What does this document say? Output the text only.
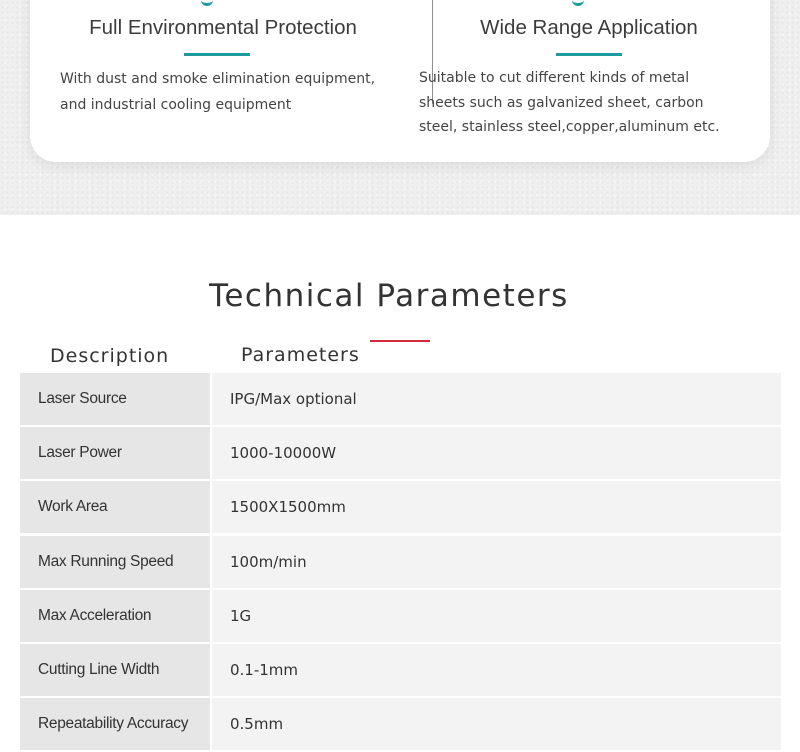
Full Environmental Protection
With dust and smoke elimination equipment,
and industrial cooling equipment
Wide Range Application
Suitable to cut different kinds of metal
sheets such as galvanized sheet, carbon
steel, stainless steel,copper,aluminum etc.
Technical Parameters
Description	Parameters
Laser Source	IPG/Max optional
Laser Power	1000-10000W
Work Area	1500X1500mm
Max Running Speed	100m/min
Max Acceleration	1G
Cutting Line Width	0.1-1mm
Repeatability Accuracy	0.5mm
